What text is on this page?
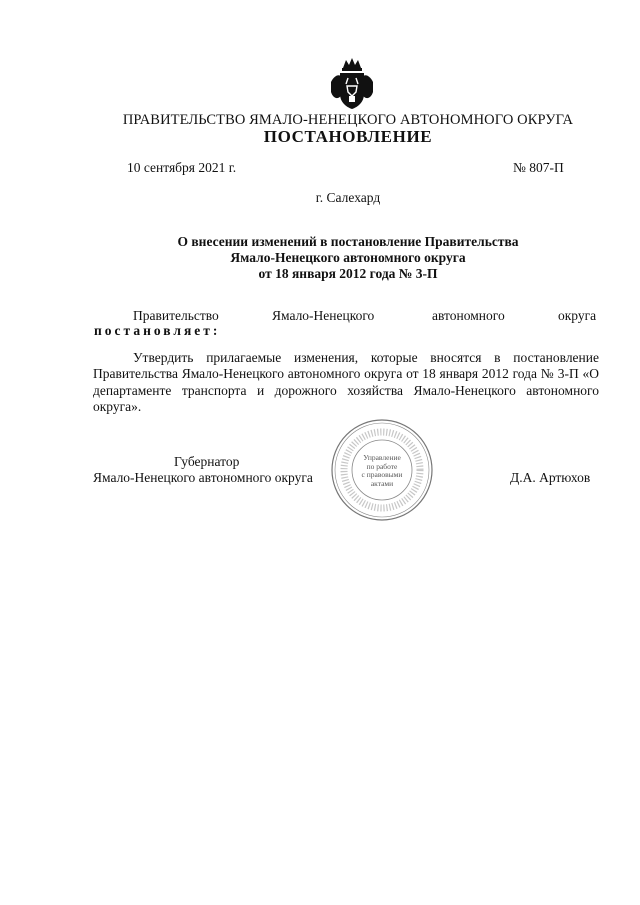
ПРАВИТЕЛЬСТВО ЯМАЛО-НЕНЕЦКОГО АВТОНОМНОГО ОКРУГА
ПОСТАНОВЛЕНИЕ
10 сентября 2021 г.	№ 807-П
г. Салехард
О внесении изменений в постановление Правительства
Ямало-Ненецкого автономного округа
от 18 января 2012 года № 3-П
Правительство	Ямало-Ненецкого	автономного	округа
постановляет:
Утвердить прилагаемые изменения, которые вносятся в постановление Правительства Ямало-Ненецкого автономного округа от 18 января 2012 года № 3-П «О департаменте транспорта и дорожного хозяйства Ямало-Ненецкого автономного округа».
Губернатор
Ямало-Ненецкого автономного округа	Д.А. Артюхов
Управление
по работе
с правовыми
актами
